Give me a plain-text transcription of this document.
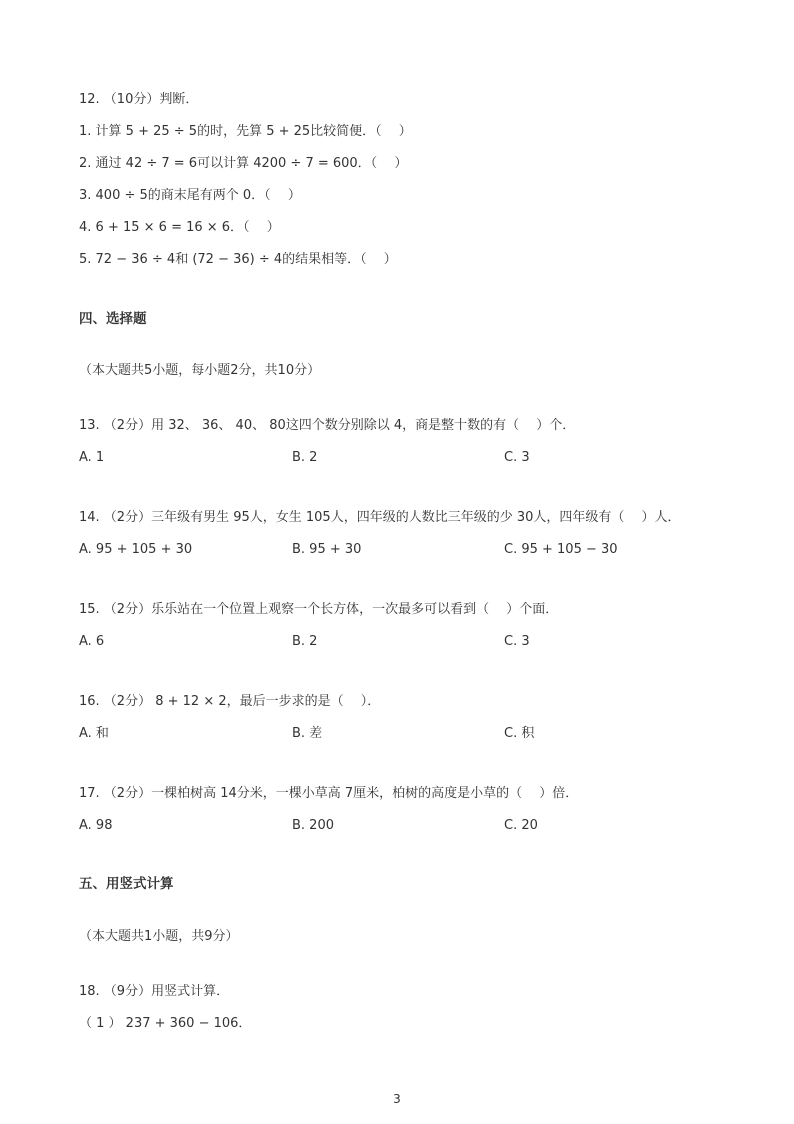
12. （10分）判断．
1. 计算 5 + 25 ÷ 5的时，先算 5 + 25比较简便．（　 ）
2. 通过 42 ÷ 7 = 6可以计算 4200 ÷ 7 = 600．（　 ）
3. 400 ÷ 5的商末尾有两个 0．（　 ）
4. 6 + 15 × 6 = 16 × 6．（　 ）
5. 72 − 36 ÷ 4和 (72 − 36) ÷ 4的结果相等．（　 ）
四、选择题
（本大题共5小题，每小题2分，共10分）
13. （2分）用 32、 36、 40、 80这四个数分别除以 4，商是整十数的有（　 ）个．
A. 1	B. 2	C. 3
14. （2分）三年级有男生 95人，女生 105人，四年级的人数比三年级的少 30人，四年级有（　 ）人．
A. 95 + 105 + 30	B. 95 + 30	C. 95 + 105 − 30
15. （2分）乐乐站在一个位置上观察一个长方体，一次最多可以看到（　 ）个面．
A. 6	B. 2	C. 3
16. （2分） 8 + 12 × 2，最后一步求的是（　 ）．
A. 和	B. 差	C. 积
17. （2分）一棵柏树高 14分米，一棵小草高 7厘米，柏树的高度是小草的（　 ）倍．
A. 98	B. 200	C. 20
五、用竖式计算
（本大题共1小题，共9分）
18. （9分）用竖式计算．
（ 1 ） 237 + 360 − 106．
3
